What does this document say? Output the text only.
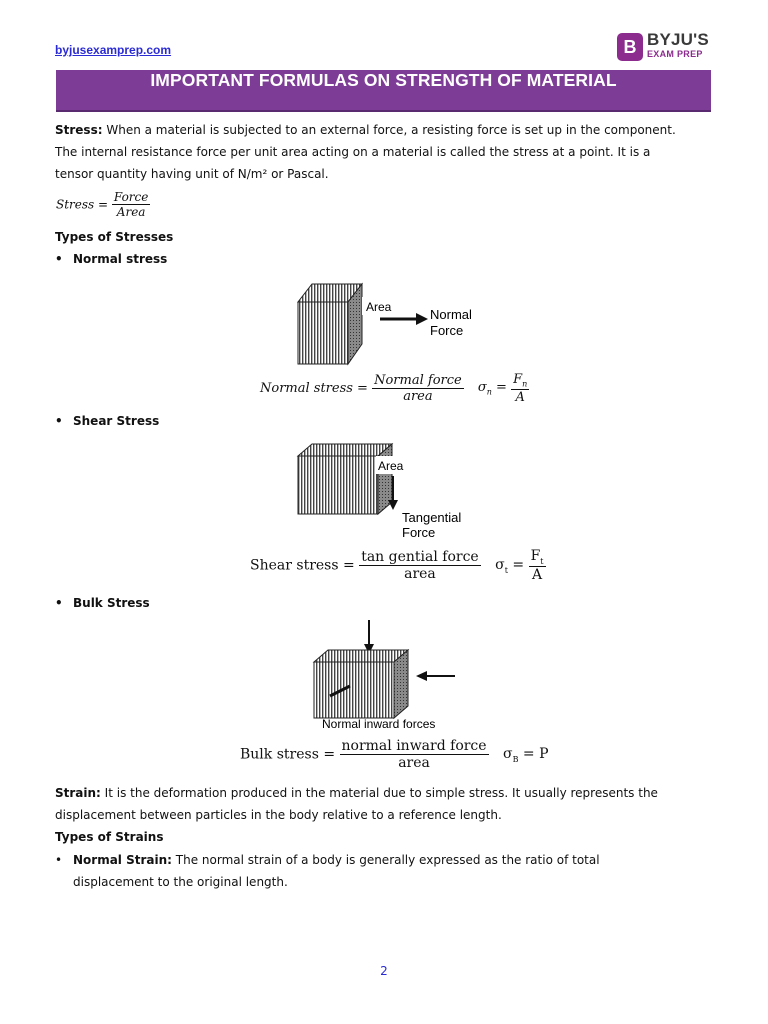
byjusexamprep.com	B BYJU'S
EXAM PREP
IMPORTANT FORMULAS ON STRENGTH OF MATERIAL
Stress: When a material is subjected to an external force, a resisting force is set up in the component.
The internal resistance force per unit area acting on a material is called the stress at a point. It is a
tensor quantity having unit of N/m² or Pascal.
Stress = $\frac{\text{Force}}{\text{Area}}$
Types of Stresses
• Normal stress
Area	Normal
Force
Normal stress = $\frac{\text{Normal force}}{\text{area}} \sigma_n = \frac{F_n}{A}$
• Shear Stress
Area
Tangential
Force
Shear stress = $\frac{\text{tan gential force}}{\text{area}} \sigma_t = \frac{F_t}{A}$
• Bulk Stress
Normal inward forces
Bulk stress = $\frac{\text{normal inward force}}{\text{area}} \sigma_B = P$
Strain: It is the deformation produced in the material due to simple stress. It usually represents the
displacement between particles in the body relative to a reference length.
Types of Strains
• Normal Strain: The normal strain of a body is generally expressed as the ratio of total
displacement to the original length.
2
